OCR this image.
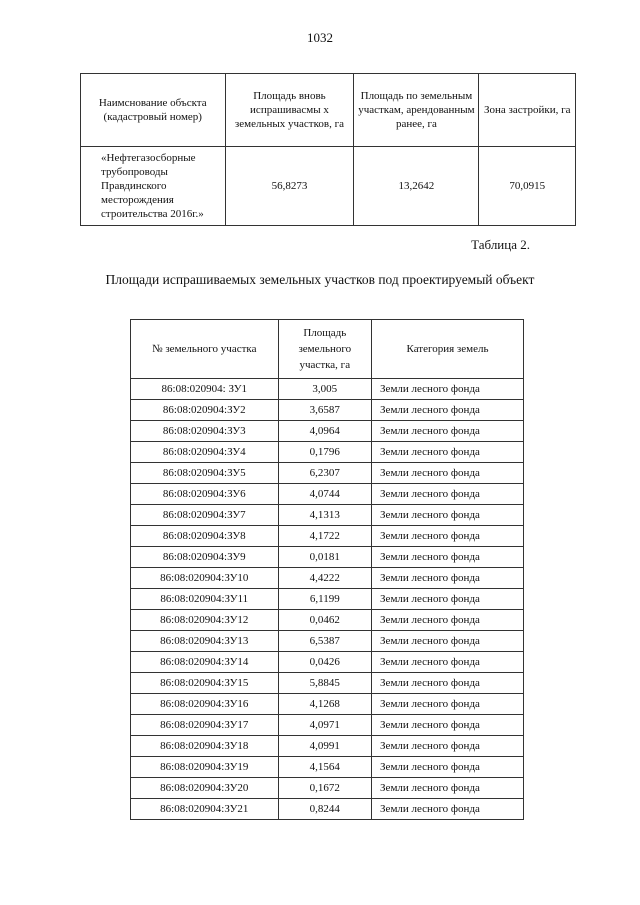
1032
Наимснование объскта (кадастровый номер)	Площадь вновь испрашивасмы х земельных участков, га	Площадь по земельным участкам, арендованным ранее, га	Зона застройки, га
«Нефтегазосборные трубопроводы Правдинского месторождения строительства 2016г.»	56,8273	13,2642	70,0915
Таблица 2.
Площади испрашиваемых земельных участков под проектируемый объект
№ земельного участка	Площадь земельного участка, га	Категория земель
86:08:020904: ЗУ1	3,005	Земли лесного фонда
86:08:020904:ЗУ2	3,6587	Земли лесного фонда
86:08:020904:ЗУ3	4,0964	Земли лесного фонда
86:08:020904:ЗУ4	0,1796	Земли лесного фонда
86:08:020904:ЗУ5	6,2307	Земли лесного фонда
86:08:020904:ЗУ6	4,0744	Земли лесного фонда
86:08:020904:ЗУ7	4,1313	Земли лесного фонда
86:08:020904:ЗУ8	4,1722	Земли лесного фонда
86:08:020904:ЗУ9	0,0181	Земли лесного фонда
86:08:020904:ЗУ10	4,4222	Земли лесного фонда
86:08:020904:ЗУ11	6,1199	Земли лесного фонда
86:08:020904:ЗУ12	0,0462	Земли лесного фонда
86:08:020904:ЗУ13	6,5387	Земли лесного фонда
86:08:020904:ЗУ14	0,0426	Земли лесного фонда
86:08:020904:ЗУ15	5,8845	Земли лесного фонда
86:08:020904:ЗУ16	4,1268	Земли лесного фонда
86:08:020904:ЗУ17	4,0971	Земли лесного фонда
86:08:020904:ЗУ18	4,0991	Земли лесного фонда
86:08:020904:ЗУ19	4,1564	Земли лесного фонда
86:08:020904:ЗУ20	0,1672	Земли лесного фонда
86:08:020904:ЗУ21	0,8244	Земли лесного фонда
